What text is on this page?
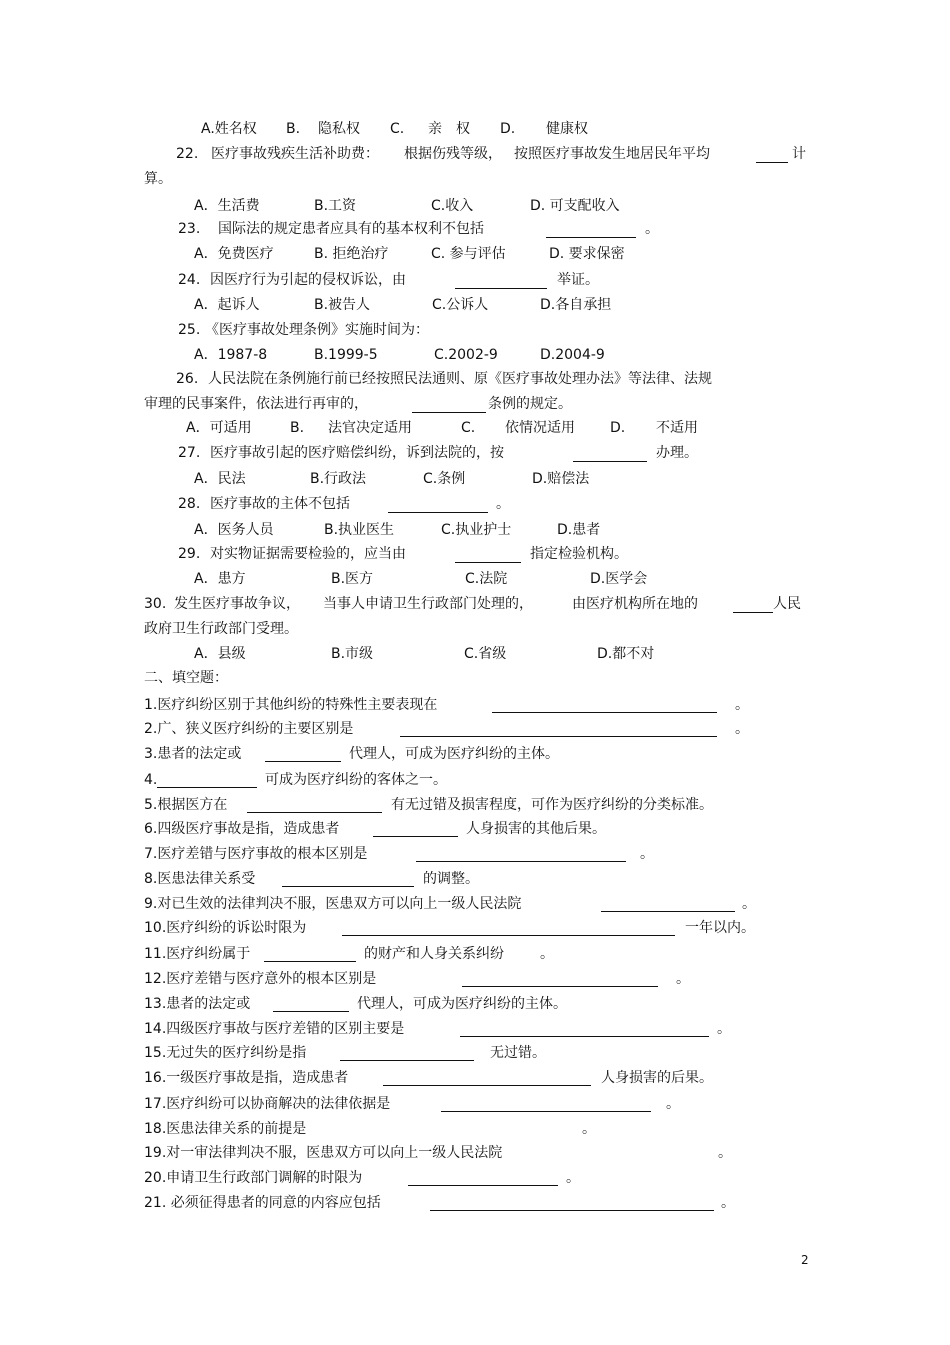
A.姓名权 B. 隐私权 C. 亲　权 D. 健康权
22. 医疗事故残疾生活补助费： 根据伤残等级， 按照医疗事故发生地居民年平均	计
算。
A．生活费	B.工资	C.收入	D. 可支配收入
23. 国际法的规定患者应具有的基本权利不包括	。
A．免费医疗	B. 拒绝治疗	C. 参与评估	D. 要求保密
24. 因医疗行为引起的侵权诉讼，由	举证。
A．起诉人	B.被告人	C.公诉人	D.各自承担
25. 《医疗事故处理条例》实施时间为：
A．1987-8	B.1999-5	C.2002-9	D.2004-9
26. 人民法院在条例施行前已经按照民法通则、原《医疗事故处理办法》等法律、法规
审理的民事案件，依法进行再审的，	条例的规定。
A．可适用	B. 法官决定适用	C. 依情况适用	D. 不适用
27. 医疗事故引起的医疗赔偿纠纷，诉到法院的，按	办理。
A．民法	B.行政法	C.条例	D.赔偿法
28. 医疗事故的主体不包括	。
A．医务人员	B.执业医生	C.执业护士	D.患者
29. 对实物证据需要检验的，应当由	指定检验机构。
A．患方	B.医方	C.法院	D.医学会
30. 发生医疗事故争议， 当事人申请卫生行政部门处理的，	由医疗机构所在地的	人民
政府卫生行政部门受理。
A．县级	B.市级	C.省级	D.都不对
二、填空题：
1.医疗纠纷区别于其他纠纷的特殊性主要表现在	。
2.广、狭义医疗纠纷的主要区别是	。
3.患者的法定或	代理人，可成为医疗纠纷的主体。
4.	可成为医疗纠纷的客体之一。
5.根据医方在	有无过错及损害程度，可作为医疗纠纷的分类标准。
6.四级医疗事故是指，造成患者	人身损害的其他后果。
7.医疗差错与医疗事故的根本区别是	。
8.医患法律关系受	的调整。
9.对已生效的法律判决不服，医患双方可以向上一级人民法院	。
10.医疗纠纷的诉讼时限为	一年以内。
11.医疗纠纷属于	的财产和人身关系纠纷	。
12.医疗差错与医疗意外的根本区别是	。
13.患者的法定或	代理人，可成为医疗纠纷的主体。
14.四级医疗事故与医疗差错的区别主要是	。
15.无过失的医疗纠纷是指	无过错。
16.一级医疗事故是指，造成患者	人身损害的后果。
17.医疗纠纷可以协商解决的法律依据是	。
18.医患法律关系的前提是	。
19.对一审法律判决不服，医患双方可以向上一级人民法院	。
20.申请卫生行政部门调解的时限为	。
21. 必须征得患者的同意的内容应包括	。
2
